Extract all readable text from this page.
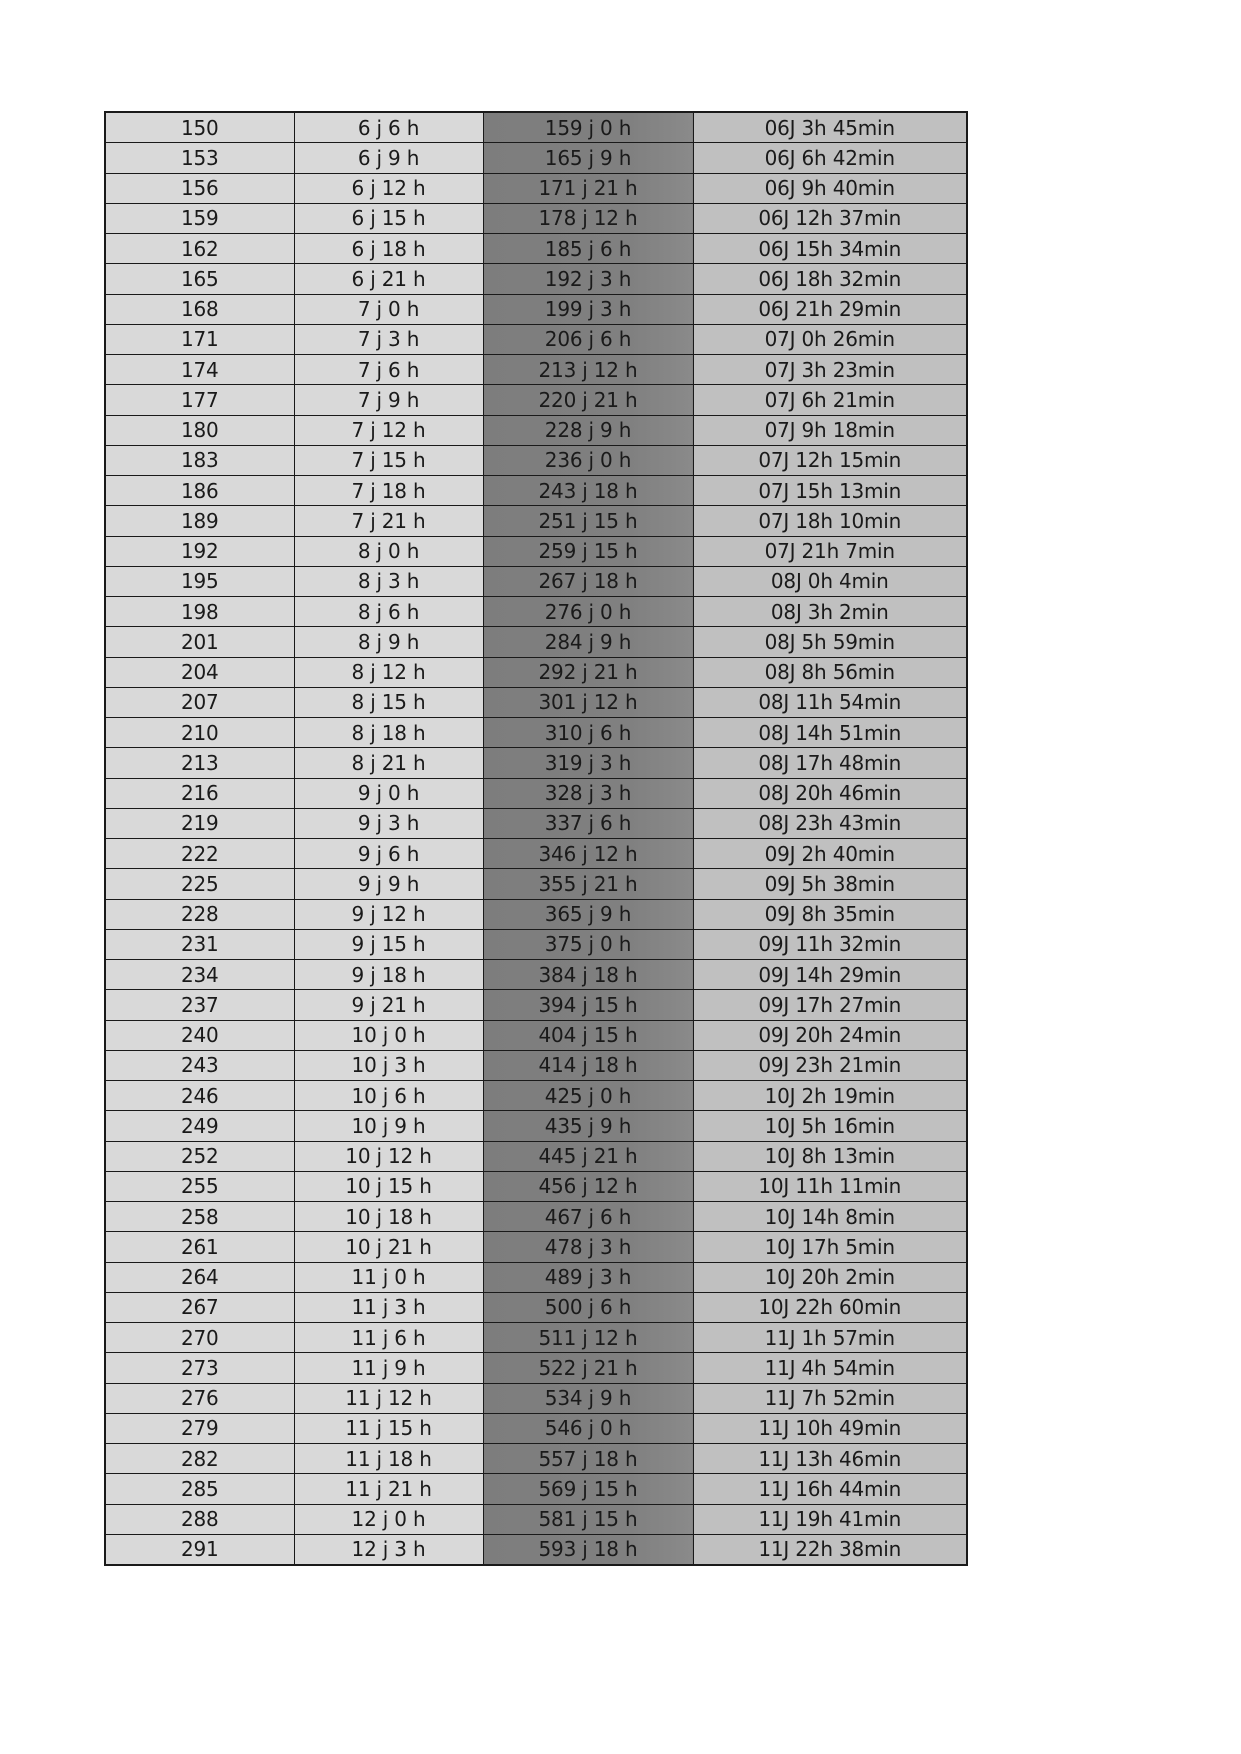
150	6 j 6 h	159 j 0 h	06J 3h 45min
153	6 j 9 h	165 j 9 h	06J 6h 42min
156	6 j 12 h	171 j 21 h	06J 9h 40min
159	6 j 15 h	178 j 12 h	06J 12h 37min
162	6 j 18 h	185 j 6 h	06J 15h 34min
165	6 j 21 h	192 j 3 h	06J 18h 32min
168	7 j 0 h	199 j 3 h	06J 21h 29min
171	7 j 3 h	206 j 6 h	07J 0h 26min
174	7 j 6 h	213 j 12 h	07J 3h 23min
177	7 j 9 h	220 j 21 h	07J 6h 21min
180	7 j 12 h	228 j 9 h	07J 9h 18min
183	7 j 15 h	236 j 0 h	07J 12h 15min
186	7 j 18 h	243 j 18 h	07J 15h 13min
189	7 j 21 h	251 j 15 h	07J 18h 10min
192	8 j 0 h	259 j 15 h	07J 21h 7min
195	8 j 3 h	267 j 18 h	08J 0h 4min
198	8 j 6 h	276 j 0 h	08J 3h 2min
201	8 j 9 h	284 j 9 h	08J 5h 59min
204	8 j 12 h	292 j 21 h	08J 8h 56min
207	8 j 15 h	301 j 12 h	08J 11h 54min
210	8 j 18 h	310 j 6 h	08J 14h 51min
213	8 j 21 h	319 j 3 h	08J 17h 48min
216	9 j 0 h	328 j 3 h	08J 20h 46min
219	9 j 3 h	337 j 6 h	08J 23h 43min
222	9 j 6 h	346 j 12 h	09J 2h 40min
225	9 j 9 h	355 j 21 h	09J 5h 38min
228	9 j 12 h	365 j 9 h	09J 8h 35min
231	9 j 15 h	375 j 0 h	09J 11h 32min
234	9 j 18 h	384 j 18 h	09J 14h 29min
237	9 j 21 h	394 j 15 h	09J 17h 27min
240	10 j 0 h	404 j 15 h	09J 20h 24min
243	10 j 3 h	414 j 18 h	09J 23h 21min
246	10 j 6 h	425 j 0 h	10J 2h 19min
249	10 j 9 h	435 j 9 h	10J 5h 16min
252	10 j 12 h	445 j 21 h	10J 8h 13min
255	10 j 15 h	456 j 12 h	10J 11h 11min
258	10 j 18 h	467 j 6 h	10J 14h 8min
261	10 j 21 h	478 j 3 h	10J 17h 5min
264	11 j 0 h	489 j 3 h	10J 20h 2min
267	11 j 3 h	500 j 6 h	10J 22h 60min
270	11 j 6 h	511 j 12 h	11J 1h 57min
273	11 j 9 h	522 j 21 h	11J 4h 54min
276	11 j 12 h	534 j 9 h	11J 7h 52min
279	11 j 15 h	546 j 0 h	11J 10h 49min
282	11 j 18 h	557 j 18 h	11J 13h 46min
285	11 j 21 h	569 j 15 h	11J 16h 44min
288	12 j 0 h	581 j 15 h	11J 19h 41min
291	12 j 3 h	593 j 18 h	11J 22h 38min
